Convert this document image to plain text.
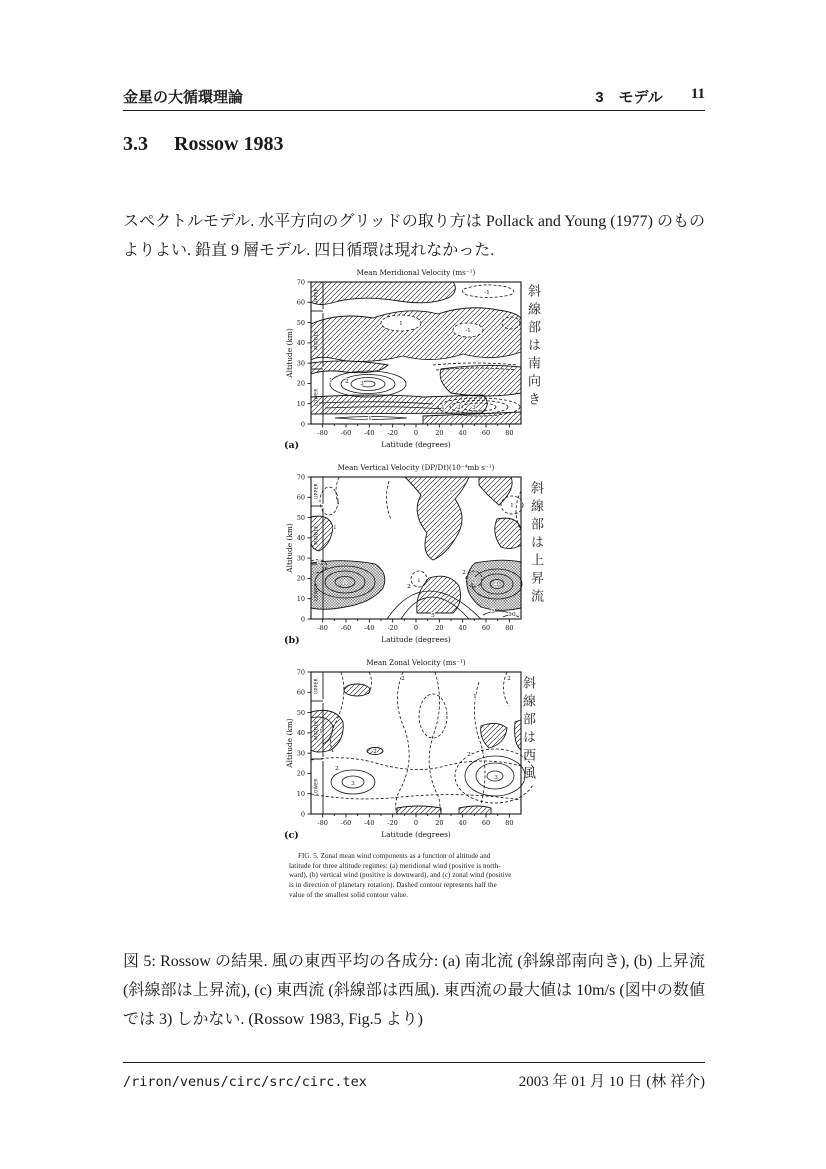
金星の大循環理論	3　モデル 11
3.3 Rossow 1983

スペクトルモデル. 水平方向のグリッドの取り方は Pollack and Young (1977) のものよりよい. 鉛直 9 層モデル. 四日循環は現れなかった.

Mean Meridional Velocity (ms⁻¹)
UPPER
MIDDLE
LOWER
0
10
20
30
40
50
60
70
-80 -60 -40 -20 0	20 40 60 80
Latitude (degrees)
Altitude (km)
(a)
-1
1
-1
1 2 3
1 2 3
-1
Mean Vertical Velocity (DP/Dt)(10⁻⁴mb s⁻¹)
UPPER
MIDDLE
LOWER
0
10
20
30
40
50
60
70
-80 -60 -40 -20 0	20 40 60 80
Latitude (degrees)
Altitude (km)
(b)
↓
↓
↓
1
↓	↓	1
2
5
3
2
5 10
Mean Zonal Velocity (ms⁻¹)
UPPER
MIDDLE
LOWER
0
10
20
30
40
50
60
70
-80 -60 -40 -20 0	20 40 60 80
Latitude (degrees)
Altitude (km)
(c)
2	2
1
1
2
2
3
3
2
斜線部は南向き
斜線部は上昇流
斜線部は西風
FIG. 5. Zonal mean wind components as a function of altitude and
latitude for three altitude regimes: (a) meridional wind (positive is north-
ward), (b) vertical wind (positive is downward), and (c) zonal wind (positive
is in direction of planetary rotation). Dashed contour represents half the
value of the smallest solid contour value.

図 5: Rossow の結果. 風の東西平均の各成分: (a) 南北流 (斜線部南向き), (b) 上昇流 (斜線部は上昇流), (c) 東西流 (斜線部は西風). 東西流の最大値は 10m/s (図中の数値では 3) しかない. (Rossow 1983, Fig.5 より)

/riron/venus/circ/src/circ.tex	2003 年 01 月 10 日 (林 祥介)
